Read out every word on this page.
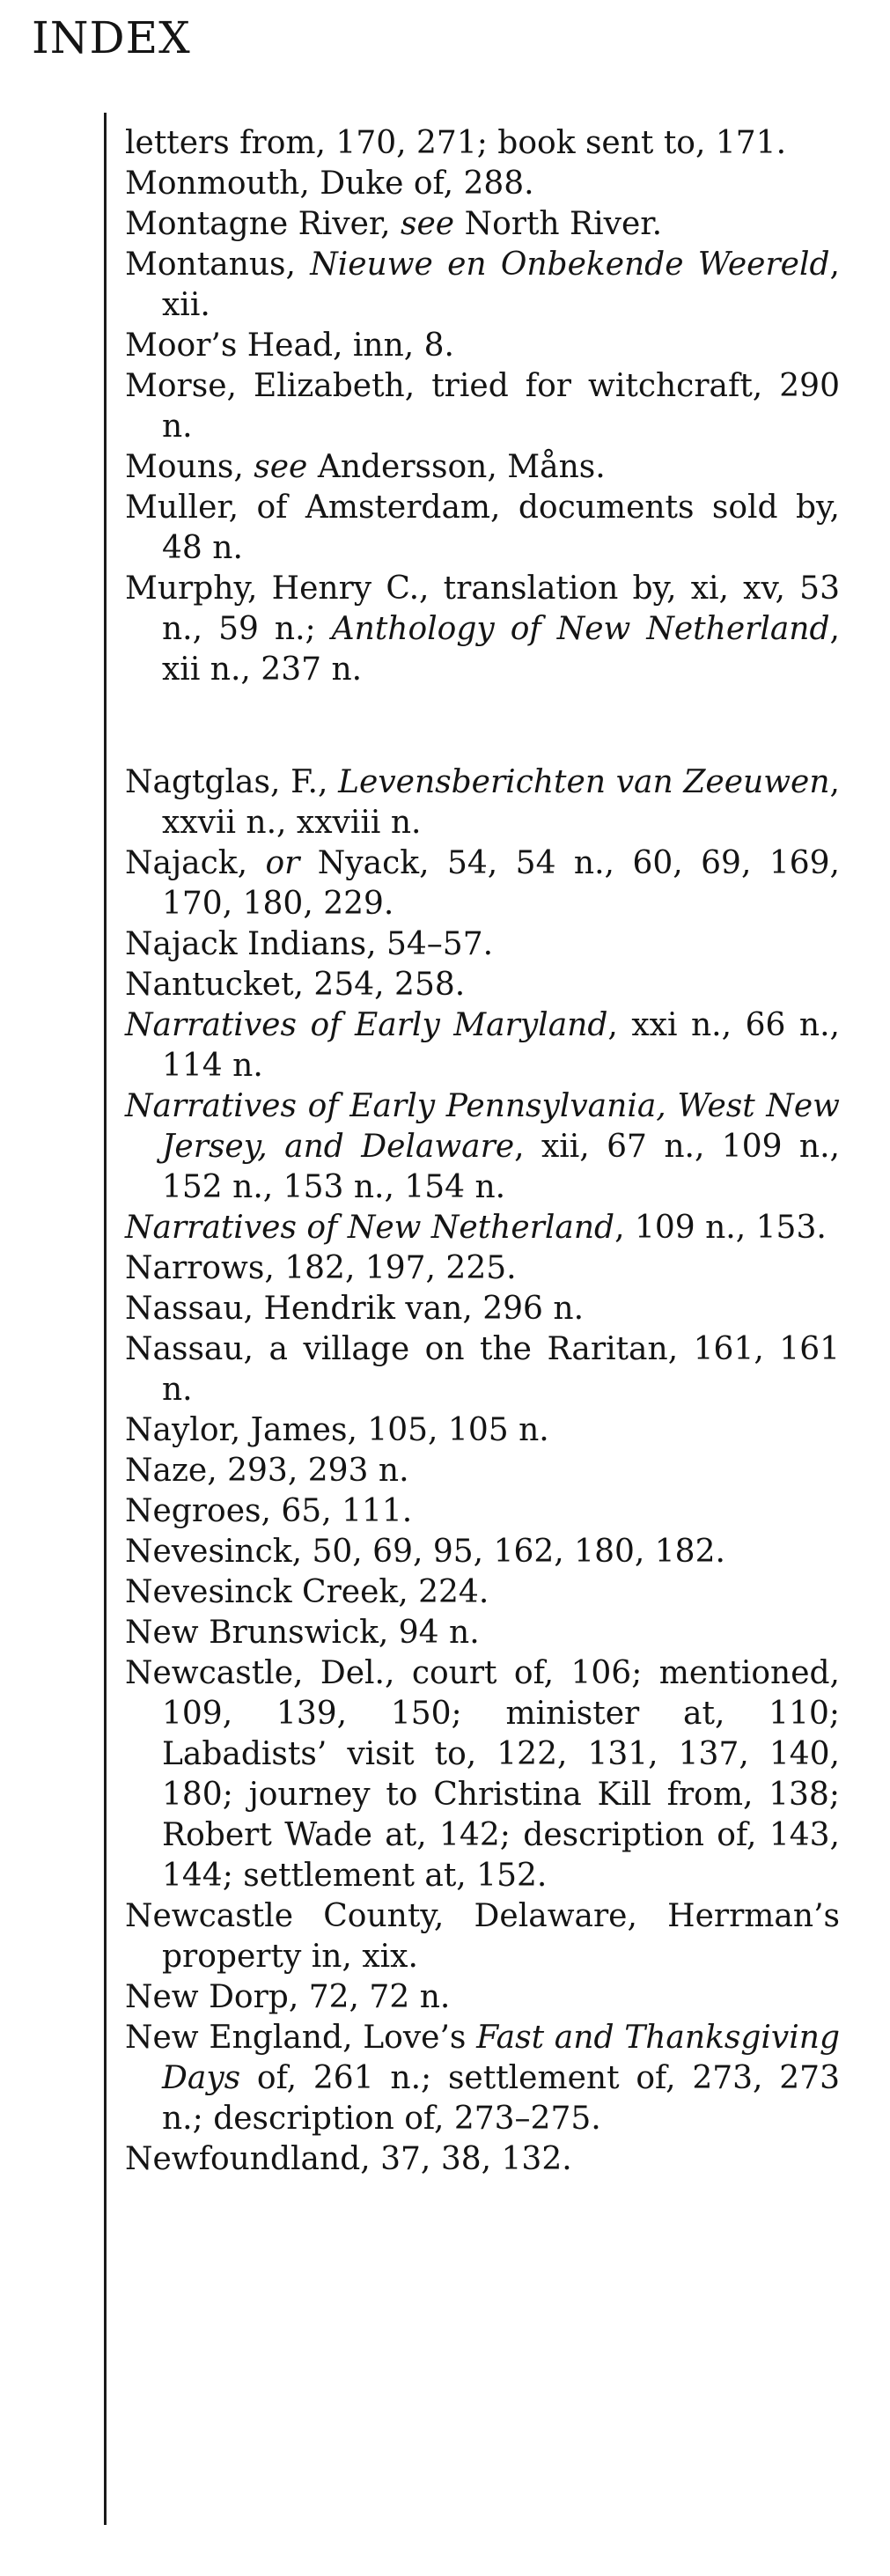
INDEX
letters from, 170, 271; book sent to, 171.
Monmouth, Duke of, 288.
Montagne River, see North River.
Montanus, Nieuwe en Onbekende Weereld, xii.
Moor’s Head, inn, 8.
Morse, Elizabeth, tried for witchcraft, 290 n.
Mouns, see Andersson, Måns.
Muller, of Amsterdam, documents sold by, 48 n.
Murphy, Henry C., translation by, xi, xv, 53 n., 59 n.; Anthology of New Netherland, xii n., 237 n.
Nagtglas, F., Levensberichten van Zeeuwen, xxvii n., xxviii n.
Najack, or Nyack, 54, 54 n., 60, 69, 169, 170, 180, 229.
Najack Indians, 54–57.
Nantucket, 254, 258.
Narratives of Early Maryland, xxi n., 66 n., 114 n.
Narratives of Early Pennsylvania, West New Jersey, and Delaware, xii, 67 n., 109 n., 152 n., 153 n., 154 n.
Narratives of New Netherland, 109 n., 153.
Narrows, 182, 197, 225.
Nassau, Hendrik van, 296 n.
Nassau, a village on the Raritan, 161, 161 n.
Naylor, James, 105, 105 n.
Naze, 293, 293 n.
Negroes, 65, 111.
Nevesinck, 50, 69, 95, 162, 180, 182.
Nevesinck Creek, 224.
New Brunswick, 94 n.
Newcastle, Del., court of, 106; mentioned, 109, 139, 150; minister at, 110; Labadists’ visit to, 122, 131, 137, 140, 180; journey to Christina Kill from, 138; Robert Wade at, 142; description of, 143, 144; settlement at, 152.
Newcastle County, Delaware, Herrman’s property in, xix.
New Dorp, 72, 72 n.
New England, Love’s Fast and Thanksgiving Days of, 261 n.; settlement of, 273, 273 n.; description of, 273–275.
Newfoundland, 37, 38, 132.
